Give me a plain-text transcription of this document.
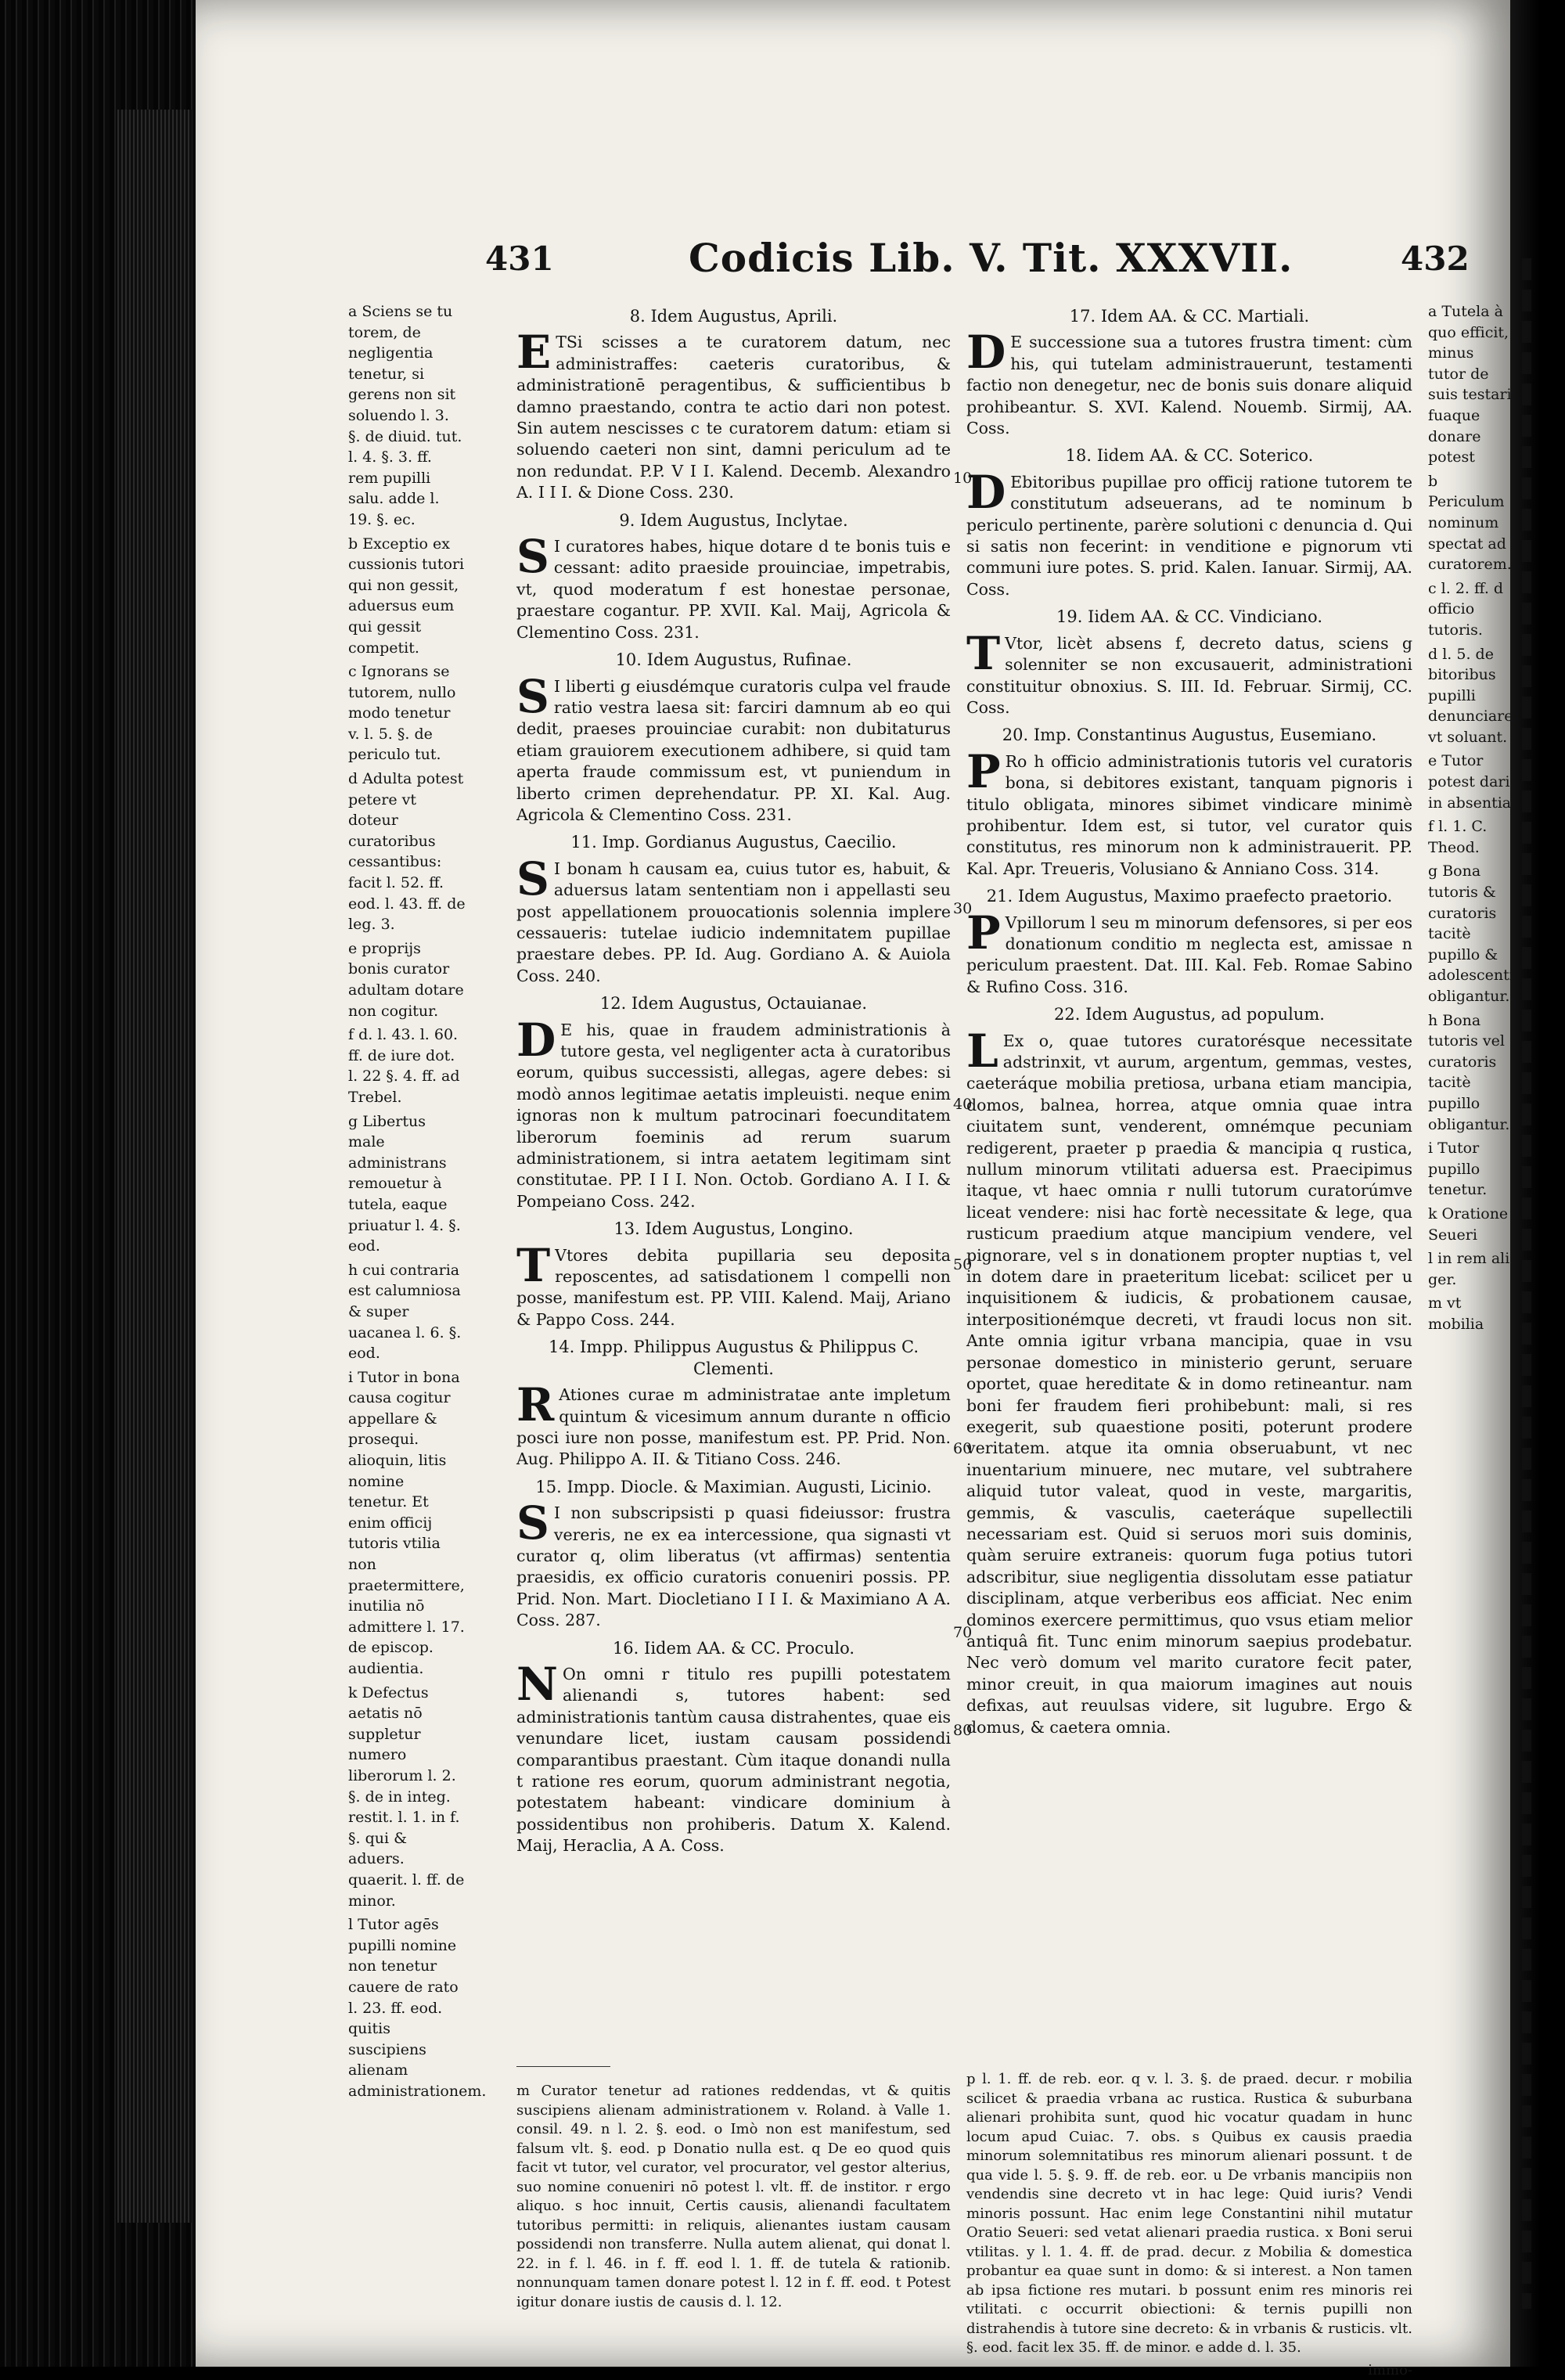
431	Codicis Lib. V. Tit. XXXVII.	432

a Sciens se tu torem, de negligentia tenetur, si gerens non sit soluendo l. 3. §. de diuid. tut. l. 4. §. 3. ff. rem pupilli salu. adde l. 19. §. ec.

b Exceptio ex cussionis tutori qui non gessit, aduersus eum qui gessit competit.

c Ignorans se tutorem, nullo modo tenetur v. l. 5. §. de periculo tut.

d Adulta potest petere vt doteur curatoribus cessantibus: facit l. 52. ff. eod. l. 43. ff. de leg. 3.

e proprijs bonis curator adultam dotare non cogitur.

f d. l. 43. l. 60. ff. de iure dot. l. 22 §. 4. ff. ad Trebel.

g Libertus male administrans remouetur à tutela, eaque priuatur l. 4. §. eod.

h cui contraria est calumniosa & super uacanea l. 6. §. eod.

i Tutor in bona causa cogitur appellare & prosequi. alioquin, litis nomine tenetur. Et enim officij tutoris vtilia non praetermittere, inutilia nō admittere l. 17. de episcop. audientia.

k Defectus aetatis nō suppletur numero liberorum l. 2. §. de in integ. restit. l. 1. in f. §. qui & aduers. quaerit. l. ff. de minor.

l Tutor agēs pupilli nomine non tenetur cauere de rato l. 23. ff. eod. quitis suscipiens alienam administrationem.

8. Idem Augustus, Aprili.

E TSi scisses a te curatorem datum, nec administraffes: caeteris curatoribus, & administrationē peragentibus, & sufficientibus b damno praestando, contra te actio dari non potest. Sin autem nescisses c te curatorem datum: etiam si soluendo caeteri non sint, damni periculum ad te non redundat. P.P. V I I. Kalend. Decemb. Alexandro A. I I I. & Dione Coss. 230.

9. Idem Augustus, Inclytae.

S I curatores habes, hique dotare d te bonis tuis e cessant: adito praeside prouinciae, impetrabis, vt, quod moderatum f est honestae personae, praestare cogantur. PP. XVII. Kal. Maij, Agricola & Clementino Coss. 231.

10. Idem Augustus, Rufinae.

S I liberti g eiusdémque curatoris culpa vel fraude ratio vestra laesa sit: farciri damnum ab eo qui dedit, praeses prouinciae curabit: non dubitaturus etiam grauiorem executionem adhibere, si quid tam aperta fraude commissum est, vt puniendum in liberto crimen deprehendatur. PP. XI. Kal. Aug. Agricola & Clementino Coss. 231.

11. Imp. Gordianus Augustus, Caecilio.

S I bonam h causam ea, cuius tutor es, habuit, & aduersus latam sententiam non i appellasti seu post appellationem prouocationis solennia implere cessaueris: tutelae iudicio indemnitatem pupillae praestare debes. PP. Id. Aug. Gordiano A. & Auiola Coss. 240.

12. Idem Augustus, Octauianae.

D E his, quae in fraudem administrationis à tutore gesta, vel negligenter acta à curatoribus eorum, quibus successisti, allegas, agere debes: si modò annos legitimae aetatis impleuisti. neque enim ignoras non k multum patrocinari foecunditatem liberorum foeminis ad rerum suarum administrationem, si intra aetatem legitimam sint constitutae. PP. I I I. Non. Octob. Gordiano A. I I. & Pompeiano Coss. 242.

13. Idem Augustus, Longino.

T Vtores debita pupillaria seu deposita reposcentes, ad satisdationem l compelli non posse, manifestum est. PP. VIII. Kalend. Maij, Ariano & Pappo Coss. 244.

14. Impp. Philippus Augustus & Philippus C. Clementi.

R Ationes curae m administratae ante impletum quintum & vicesimum annum durante n officio posci iure non posse, manifestum est. PP. Prid. Non. Aug. Philippo A. II. & Titiano Coss. 246.

15. Impp. Diocle. & Maximian. Augusti, Licinio.

S I non subscripsisti p quasi fideiussor: frustra vereris, ne ex ea intercessione, qua signasti vt curator q, olim liberatus (vt affirmas) sententia praesidis, ex officio curatoris conueniri possis. PP. Prid. Non. Mart. Diocletiano I I I. & Maximiano A A. Coss. 287.

16. Iidem AA. & CC. Proculo.

N On omni r titulo res pupilli potestatem alienandi s, tutores habent: sed administrationis tantùm causa distrahentes, quae eis venundare licet, iustam causam possidendi comparantibus praestant. Cùm itaque donandi nulla t ratione res eorum, quorum administrant negotia, potestatem habeant: vindicare dominium à possidentibus non prohiberis. Datum X. Kalend. Maij, Heraclia, A A. Coss.

17. Idem AA. & CC. Martiali.

D E successione sua a tutores frustra timent: cùm his, qui tutelam administrauerunt, testamenti factio non denegetur, nec de bonis suis donare aliquid prohibeantur. S. XVI. Kalend. Nouemb. Sirmij, AA. Coss.

18. Iidem AA. & CC. Soterico.

D Ebitoribus pupillae pro officij ratione tutorem te constitutum adseuerans, ad te nominum b periculo pertinente, parère solutioni c denuncia d. Qui si satis non fecerint: in venditione e pignorum vti communi iure potes. S. prid. Kalen. Ianuar. Sirmij, AA. Coss.

19. Iidem AA. & CC. Vindiciano.

T Vtor, licèt absens f, decreto datus, sciens g solenniter se non excusauerit, administrationi constituitur obnoxius. S. III. Id. Februar. Sirmij, CC. Coss.

20. Imp. Constantinus Augustus, Eusemiano.

P Ro h officio administrationis tutoris vel curatoris bona, si debitores existant, tanquam pignoris i titulo obligata, minores sibimet vindicare minimè prohibentur. Idem est, si tutor, vel curator quis constitutus, res minorum non k administrauerit. PP. Kal. Apr. Treueris, Volusiano & Anniano Coss. 314.

21. Idem Augustus, Maximo praefecto praetorio.

P Vpillorum l seu m minorum defensores, si per eos donationum conditio m neglecta est, amissae n periculum praestent. Dat. III. Kal. Feb. Romae Sabino & Rufino Coss. 316.

22. Idem Augustus, ad populum.

L Ex o, quae tutores curatorésque necessitate adstrinxit, vt aurum, argentum, gemmas, vestes, caeteráque mobilia pretiosa, urbana etiam mancipia, domos, balnea, horrea, atque omnia quae intra ciuitatem sunt, venderent, omnémque pecuniam redigerent, praeter p praedia & mancipia q rustica, nullum minorum vtilitati aduersa est. Praecipimus itaque, vt haec omnia r nulli tutorum curatorúmve liceat vendere: nisi hac fortè necessitate & lege, qua rusticum praedium atque mancipium vendere, vel pignorare, vel s in donationem propter nuptias t, vel in dotem dare in praeteritum licebat: scilicet per u inquisitionem & iudicis, & probationem causae, interpositionémque decreti, vt fraudi locus non sit. Ante omnia igitur vrbana mancipia, quae in vsu personae domestico in ministerio gerunt, seruare oportet, quae hereditate & in domo retineantur. nam boni fer fraudem fieri prohibebunt: mali, si res exegerit, sub quaestione positi, poterunt prodere veritatem. atque ita omnia obseruabunt, vt nec inuentarium minuere, nec mutare, vel subtrahere aliquid tutor valeat, quod in veste, margaritis, gemmis, & vasculis, caeteráque supellectili necessariam est. Quid si seruos mori suis dominis, quàm seruire extraneis: quorum fuga potius tutori adscribitur, siue negligentia dissolutam esse patiatur disciplinam, atque verberibus eos afficiat. Nec enim dominos exercere permittimus, quo vsus etiam melior antiquâ fit. Tunc enim minorum saepius prodebatur. Nec verò domum vel marito curatore fecit pater, minor creuit, in qua maiorum imagines aut nouis defixas, aut reuulsas videre, sit lugubre. Ergo & domus, & caetera omnia.

a Tutela à quo efficit, minus tutor de suis testari fuaque donare potest

b Periculum nominum spectat ad curatorem.

c l. 2. ff. d officio tutoris.

d l. 5. de bitoribus pupilli denunciare vt soluant.

e Tutor potest dari in absentia

f l. 1. C. Theod.

g Bona tutoris & curatoris tacitè pupillo & adolescenti obligantur.

h Bona tutoris vel curatoris tacitè pupillo obligantur.

i Tutor pupillo tenetur.

k Oratione Seueri

l in rem ali ger.

m vt mobilia

10
30
40
50
60
70
80

m Curator tenetur ad rationes reddendas, vt & quitis suscipiens alienam administrationem v. Roland. à Valle 1. consil. 49. n l. 2. §. eod. o Imò non est manifestum, sed falsum vlt. §. eod. p Donatio nulla est. q De eo quod quis facit vt tutor, vel curator, vel procurator, vel gestor alterius, suo nomine conueniri nō potest l. vlt. ff. de institor. r ergo aliquo. s hoc innuit, Certis causis, alienandi facultatem tutoribus permitti: in reliquis, alienantes iustam causam possidendi non transferre. Nulla autem alienat, qui donat l. 22. in f. l. 46. in f. ff. eod l. 1. ff. de tutela & rationib. nonnunquam tamen donare potest l. 12 in f. ff. eod. t Potest igitur donare iustis de causis d. l. 12.

p l. 1. ff. de reb. eor. q v. l. 3. §. de praed. decur. r mobilia scilicet & praedia vrbana ac rustica. Rustica & suburbana alienari prohibita sunt, quod hic vocatur quadam in hunc locum apud Cuiac. 7. obs. s Quibus ex causis praedia minorum solemnitatibus res minorum alienari possunt. t de qua vide l. 5. §. 9. ff. de reb. eor. u De vrbanis mancipiis non vendendis sine decreto vt in hac lege: Quid iuris? Vendi minoris possunt. Hac enim lege Constantini nihil mutatur Oratio Seueri: sed vetat alienari praedia rustica. x Boni serui vtilitas. y l. 1. 4. ff. de prad. decur. z Mobilia & domestica probantur ea quae sunt in domo: & si interest. a Non tamen ab ipsa fictione res mutari. b possunt enim res minoris rei vtilitati. c occurrit obiectioni: & ternis pupilli non distrahendis à tutore sine decreto: & in vrbanis & rusticis. vlt. §. eod. facit lex 35. ff. de minor. e adde d. l. 35.

immo-
